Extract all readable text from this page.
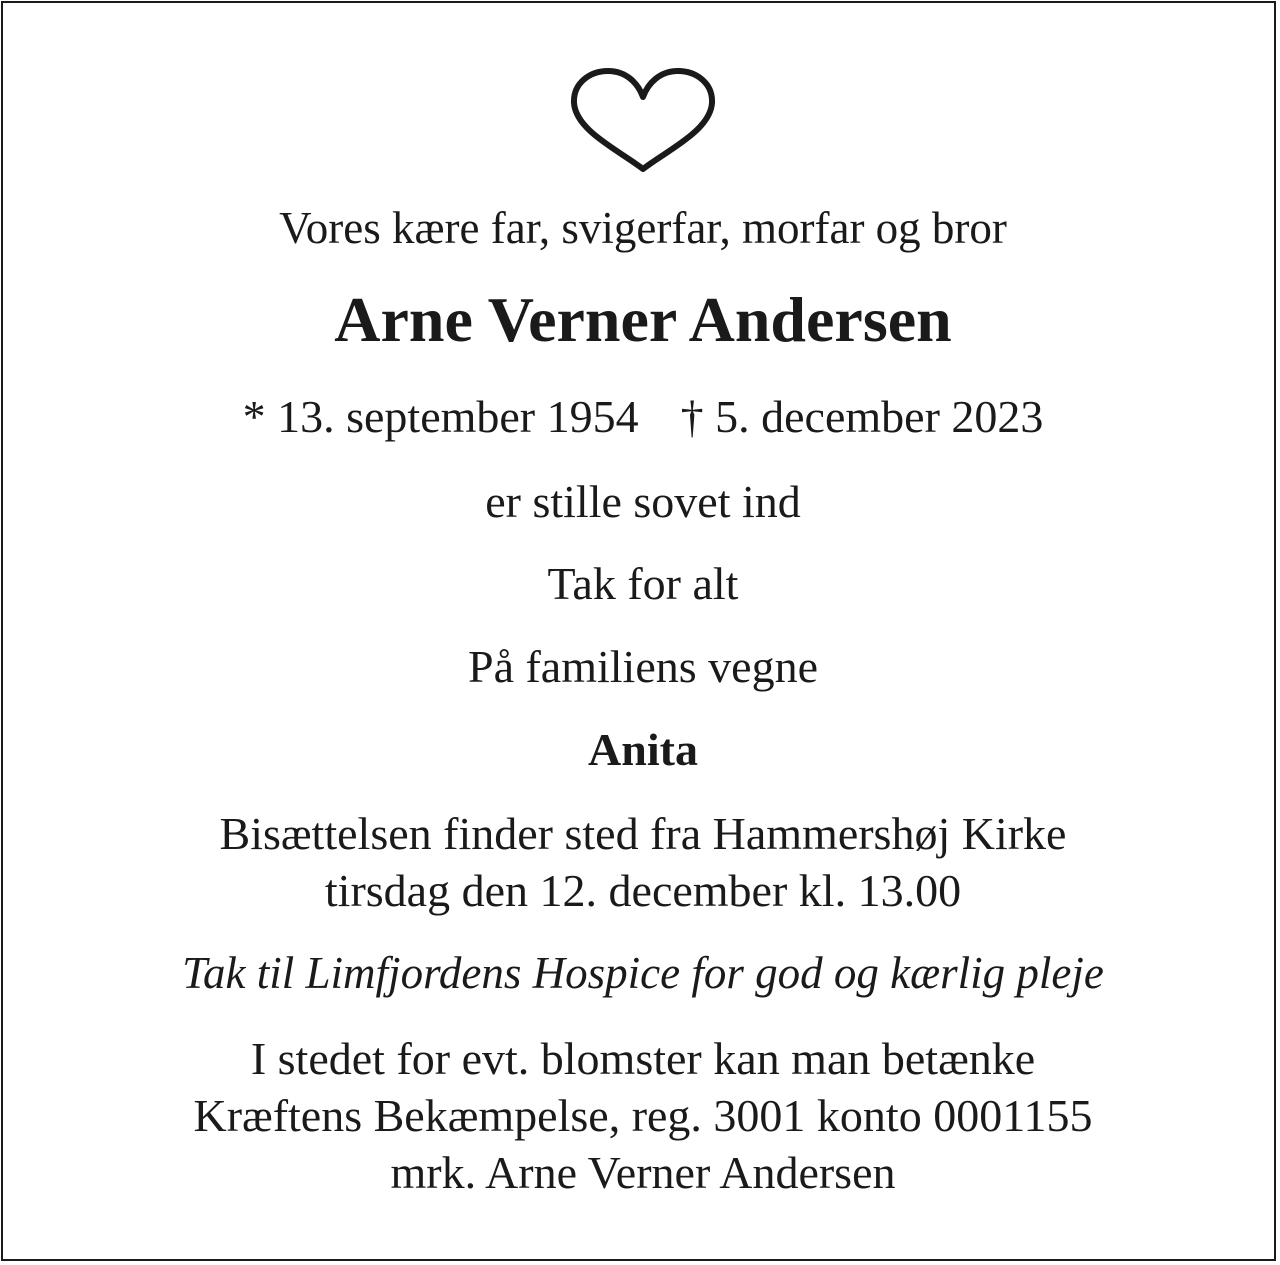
Vores kære far, svigerfar, morfar og bror
Arne Verner Andersen
* 13. september 1954 † 5. december 2023
er stille sovet ind
Tak for alt
På familiens vegne
Anita
Bisættelsen finder sted fra Hammershøj Kirke
tirsdag den 12. december kl. 13.00
Tak til Limfjordens Hospice for god og kærlig pleje
I stedet for evt. blomster kan man betænke
Kræftens Bekæmpelse, reg. 3001 konto 0001155
mrk. Arne Verner Andersen
